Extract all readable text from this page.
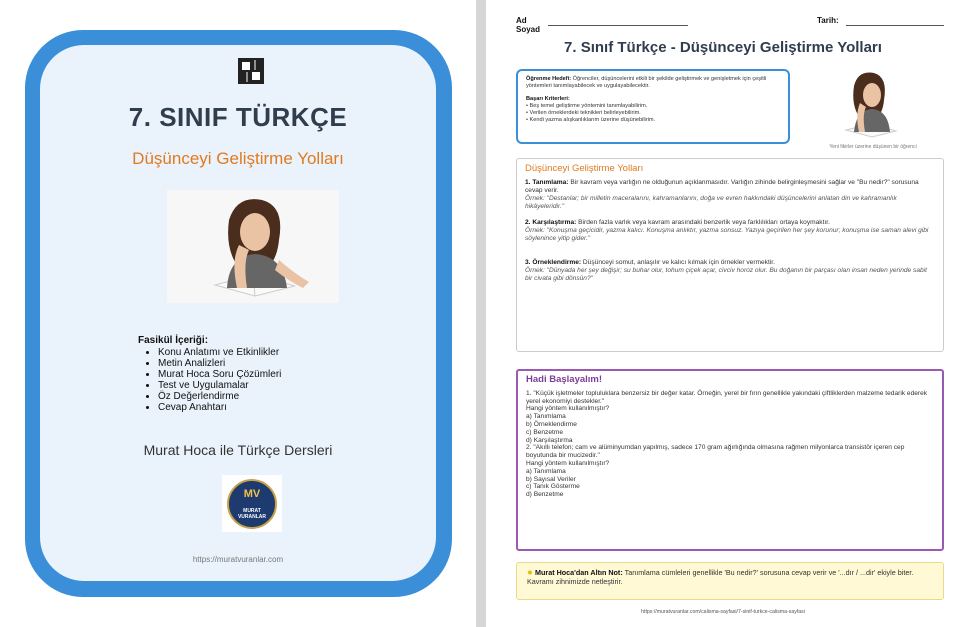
7. SINIF TÜRKÇE
Düşünceyi Geliştirme Yolları
Fasikül İçeriği:
• Konu Anlatımı ve Etkinlikler
• Metin Analizleri
• Murat Hoca Soru Çözümleri
• Test ve Uygulamalar
• Öz Değerlendirme
• Cevap Anahtarı
Murat Hoca ile Türkçe Dersleri
MV
MURAT VURANLAR
https://muratvuranlar.com
Ad Soyad
Tarih:
7. Sınıf Türkçe - Düşünceyi Geliştirme Yolları
Öğrenme Hedefi: Öğrenciler, düşüncelerini etkili bir şekilde geliştirmek ve genişletmek için çeşitli yöntemleri tanımlayabilecek ve uygulayabilecektir.
Başarı Kriterleri:
• Beş temel geliştirme yöntemini tanımlayabilirim.
• Verilen örneklerdeki teknikleri belirleyebilirim.
• Kendi yazma alışkanlıklarım üzerine düşünebilirim.
Yeni fikirler üzerine düşünen bir öğrenci
Düşünceyi Geliştirme Yolları
1. Tanımlama: Bir kavram veya varlığın ne olduğunun açıklanmasıdır. Varlığın zihinde belirginleşmesini sağlar ve "Bu nedir?" sorusuna cevap verir.
Örnek: "Destanlar; bir milletin maceralarını, kahramanlarını, doğa ve evren hakkındaki düşüncelerini anlatan din ve kahramanlık hikâyeleridir."
2. Karşılaştırma: Birden fazla varlık veya kavram arasındaki benzerlik veya farklılıkları ortaya koymaktır.
Örnek: "Konuşma geçicidir, yazma kalıcı. Konuşma anlıktır, yazma sonsuz. Yazıya geçirilen her şey korunur; konuşma ise saman alevi gibi söylenince yitip gider."
3. Örneklendirme: Düşünceyi somut, anlaşılır ve kalıcı kılmak için örnekler vermektir.
Örnek: "Dünyada her şey değişir; su buhar olur, tohum çiçek açar, civciv horoz olur. Bu doğanın bir parçası olan insan neden yerinde sabit bir civata gibi dönsün?"
Hadi Başlayalım!
1. "Küçük işletmeler topluluklara benzersiz bir değer katar. Örneğin, yerel bir fırın genellikle yakındaki çiftliklerden malzeme tedarik ederek yerel ekonomiyi destekler."
Hangi yöntem kullanılmıştır?
a) Tanımlama
b) Örneklendirme
c) Benzetme
d) Karşılaştırma
2. "Akıllı telefon; cam ve alüminyumdan yapılmış, sadece 170 gram ağırlığında olmasına rağmen milyonlarca transistör içeren cep boyutunda bir mucizedir."
Hangi yöntem kullanılmıştır?
a) Tanımlama
b) Sayısal Veriler
c) Tanık Gösterme
d) Benzetme
✹ Murat Hoca'dan Altın Not: Tanımlama cümleleri genellikle 'Bu nedir?' sorusuna cevap verir ve '...dır / ...dir' ekiyle biter. Kavramı zihnimizde netleştirir.
https://muratvuranlar.com/calisma-sayfasi/7-sinif-turkce-calisma-sayfasi
